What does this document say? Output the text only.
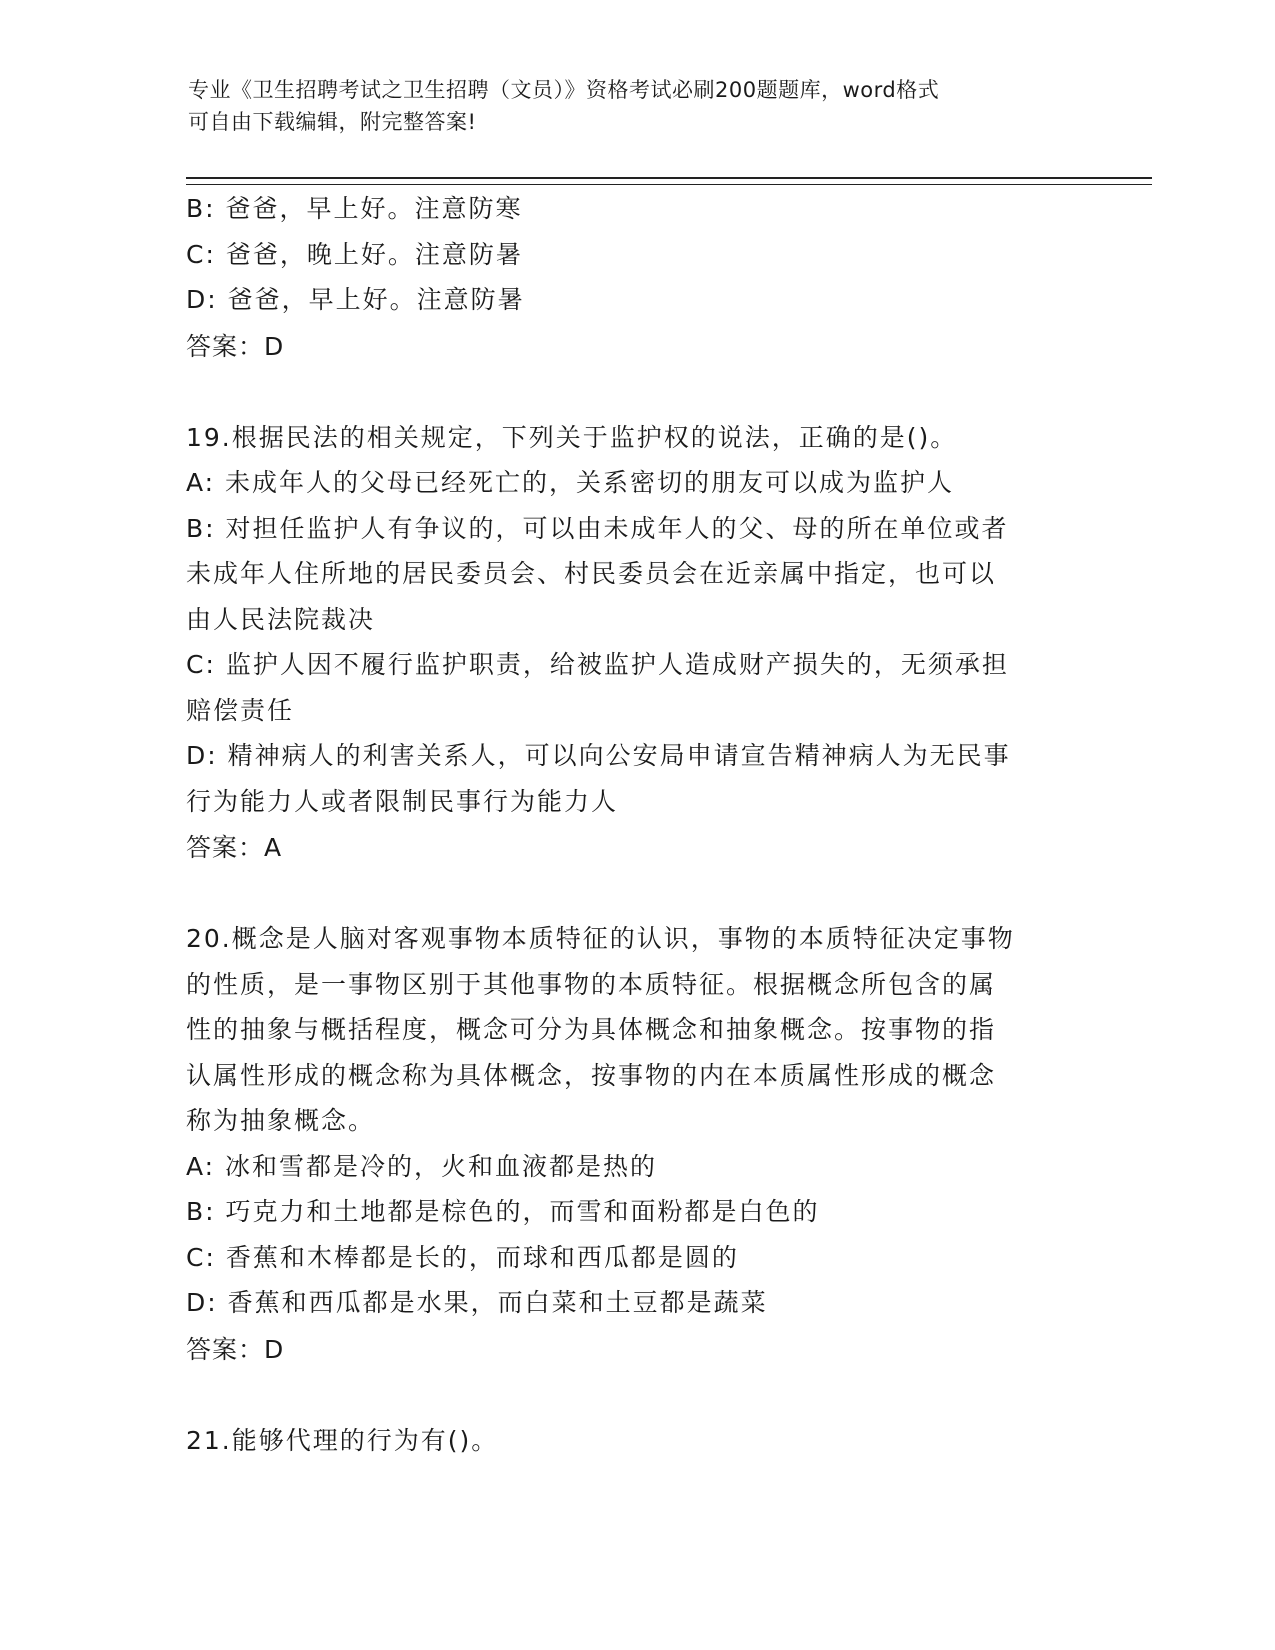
专业《卫生招聘考试之卫生招聘（文员）》资格考试必刷200题题库，word格式
可自由下载编辑，附完整答案!
B: 爸爸，早上好。注意防寒
C: 爸爸，晚上好。注意防暑
D: 爸爸，早上好。注意防暑
答案：D
19.根据民法的相关规定，下列关于监护权的说法，正确的是()。
A: 未成年人的父母已经死亡的，关系密切的朋友可以成为监护人
B: 对担任监护人有争议的，可以由未成年人的父、母的所在单位或者
未成年人住所地的居民委员会、村民委员会在近亲属中指定，也可以
由人民法院裁决
C: 监护人因不履行监护职责，给被监护人造成财产损失的，无须承担
赔偿责任
D: 精神病人的利害关系人，可以向公安局申请宣告精神病人为无民事
行为能力人或者限制民事行为能力人
答案：A
20.概念是人脑对客观事物本质特征的认识，事物的本质特征决定事物
的性质，是一事物区别于其他事物的本质特征。根据概念所包含的属
性的抽象与概括程度，概念可分为具体概念和抽象概念。按事物的指
认属性形成的概念称为具体概念，按事物的内在本质属性形成的概念
称为抽象概念。
A: 冰和雪都是冷的，火和血液都是热的
B: 巧克力和土地都是棕色的，而雪和面粉都是白色的
C: 香蕉和木棒都是长的，而球和西瓜都是圆的
D: 香蕉和西瓜都是水果，而白菜和土豆都是蔬菜
答案：D
21.能够代理的行为有()。
